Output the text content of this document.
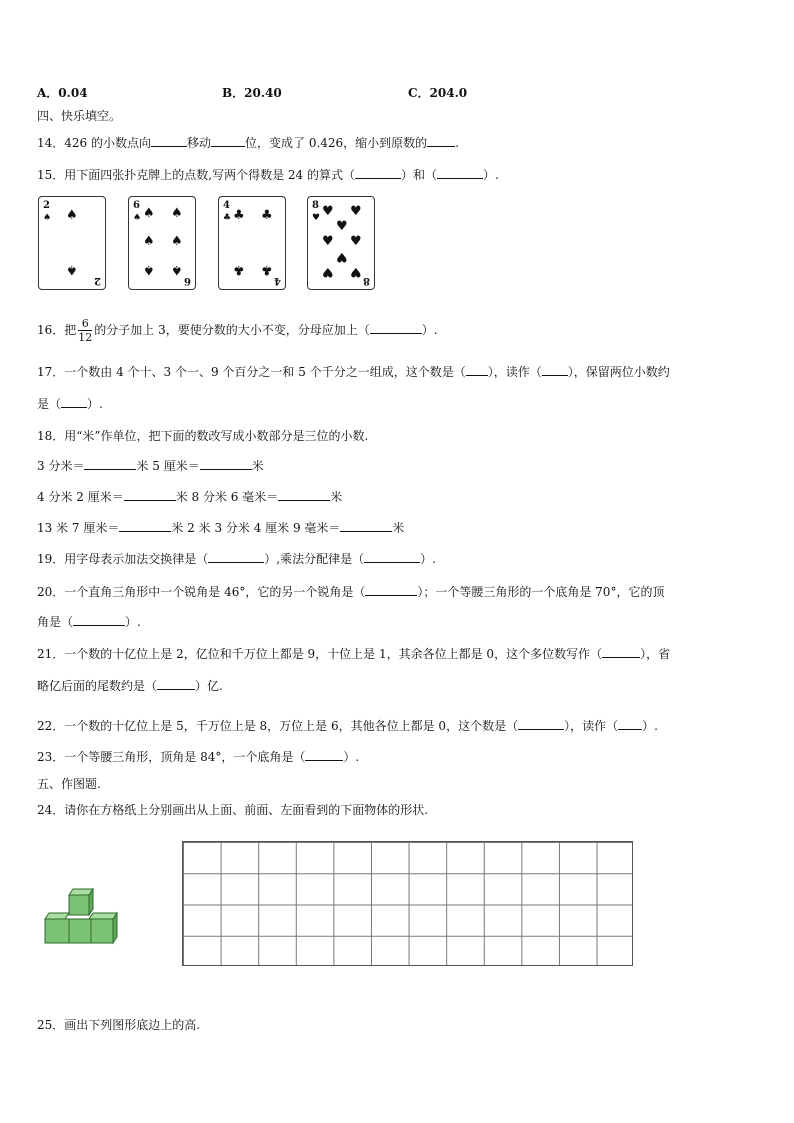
A．0.04	B．20.40	C．204.0
四、快乐填空。
14．426 的小数点向	移动	位，变成了 0.426，缩小到原数的 .
15．用下面四张扑克牌上的点数,写两个得数是 24 的算式（	）和（	）.
2
♠ ♠
♠
2
6
♠ ♠ ♠
♠ ♠
♠ ♠
6
4
♣ ♣ ♣
♣ ♣
4
8
♥ ♥ ♥
♥
♥ ♥
♥
♥ ♥
8
16．把 $\frac{6}{12}$ 的分子加上 3，要使分数的大小不变，分母应加上（	）.
17．一个数由 4 个十、3 个一、9 个百分之一和 5 个千分之一组成，这个数是（ ），读作（ ），保留两位小数约
是（ ）.
18．用“米”作单位，把下面的数改写成小数部分是三位的小数.
3 分米＝	米 5 厘米＝	米
4 分米 2 厘米＝	米 8 分米 6 毫米＝	米
13 米 7 厘米＝	米 2 米 3 分米 4 厘米 9 毫米＝	米
19．用字母表示加法交换律是（	）,乘法分配律是（	）.
20．一个直角三角形中一个锐角是 46°，它的另一个锐角是（	）；一个等腰三角形的一个底角是 70°，它的顶
角是（	）.
21．一个数的十亿位上是 2，亿位和千万位上都是 9，十位上是 1，其余各位上都是 0，这个多位数写作（	），省
略亿后面的尾数约是（	）亿.
22．一个数的十亿位上是 5，千万位上是 8，万位上是 6，其他各位上都是 0，这个数是（	），读作（ ）.
23．一个等腰三角形，顶角是 84°，一个底角是（	）.
五、作图题.
24．请你在方格纸上分别画出从上面、前面、左面看到的下面物体的形状.
25．画出下列图形底边上的高.
